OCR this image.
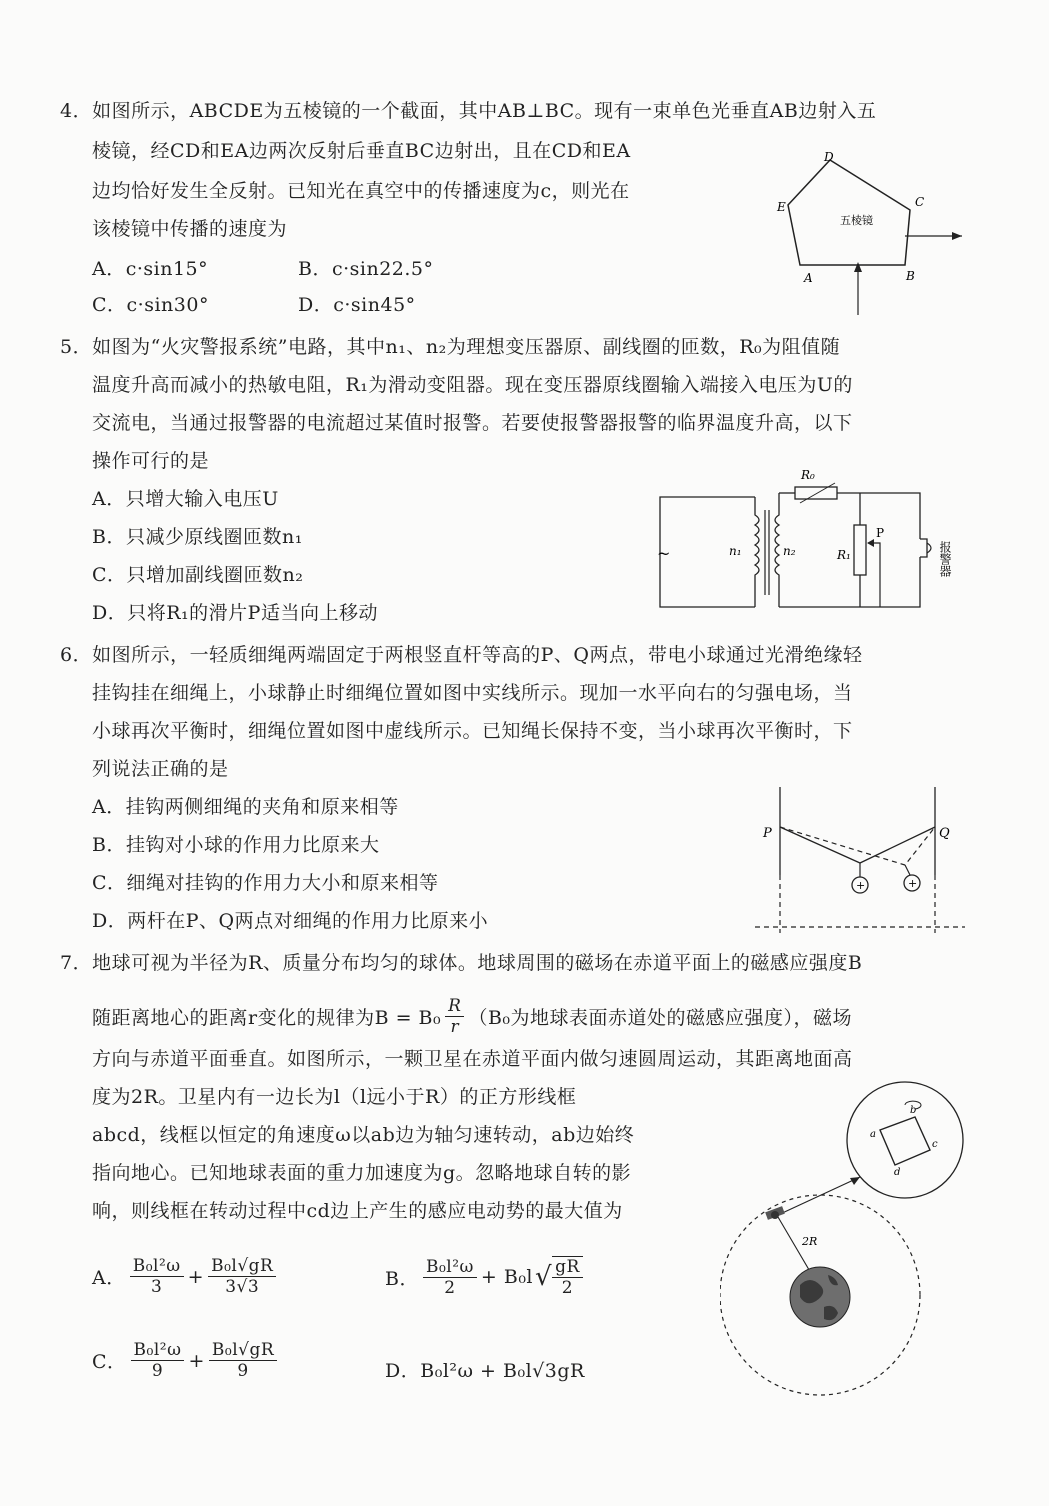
4．如图所示，ABCDE为五棱镜的一个截面，其中AB⊥BC。现有一束单色光垂直AB边射入五
棱镜，经CD和EA边两次反射后垂直BC边射出，且在CD和EA
边均恰好发生全反射。已知光在真空中的传播速度为c，则光在
该棱镜中传播的速度为
A．c·sin15°	B．c·sin22.5°
C．c·sin30°	D．c·sin45°
D
C
E
A	B
五棱镜
5．如图为“火灾警报系统”电路，其中n₁、n₂为理想变压器原、副线圈的匝数，R₀为阻值随
温度升高而减小的热敏电阻，R₁为滑动变阻器。现在变压器原线圈输入端接入电压为U的
交流电，当通过报警器的电流超过某值时报警。若要使报警器报警的临界温度升高，以下
操作可行的是
A．只增大输入电压U
B．只减少原线圈匝数n₁
C．只增加副线圈匝数n₂
D．只将R₁的滑片P适当向上移动
~	n₁	n₂
R₀
R₁
P
报警器
6．如图所示，一轻质细绳两端固定于两根竖直杆等高的P、Q两点，带电小球通过光滑绝缘轻
挂钩挂在细绳上，小球静止时细绳位置如图中实线所示。现加一水平向右的匀强电场，当
小球再次平衡时，细绳位置如图中虚线所示。已知绳长保持不变，当小球再次平衡时，下
列说法正确的是
A．挂钩两侧细绳的夹角和原来相等
B．挂钩对小球的作用力比原来大
C．细绳对挂钩的作用力大小和原来相等
D．两杆在P、Q两点对细绳的作用力比原来小
P	Q
+	+
7．地球可视为半径为R、质量分布均匀的球体。地球周围的磁场在赤道平面上的磁感应强度B
随距离地心的距离r变化的规律为$B = B_0 \frac{R}{r} (B_0$为地球表面赤道处的磁感应强度），磁场
方向与赤道平面垂直。如图所示，一颗卫星在赤道平面内做匀速圆周运动，其距离地面高
度为2R。卫星内有一边长为l（l远小于R）的正方形线框
abcd，线框以恒定的角速度ω以ab边为轴匀速转动，ab边始终
指向地心。已知地球表面的重力加速度为g。忽略地球自转的影
响，则线框在转动过程中cd边上产生的感应电动势的最大值为
A． $\frac{\text{B₀l²ω}}{3} + \frac{\text{B₀l√gR}}{3√3}$	B． $\frac{\text{B₀l²ω}}{2} + B_0l$ √ $\frac{gR}{2}$
C． $\frac{\text{B₀l²ω}}{9} + \frac{\text{B₀l√gR}}{9}$	D．B₀l²ω + B₀l√3gR
a
b
c
d
2R
